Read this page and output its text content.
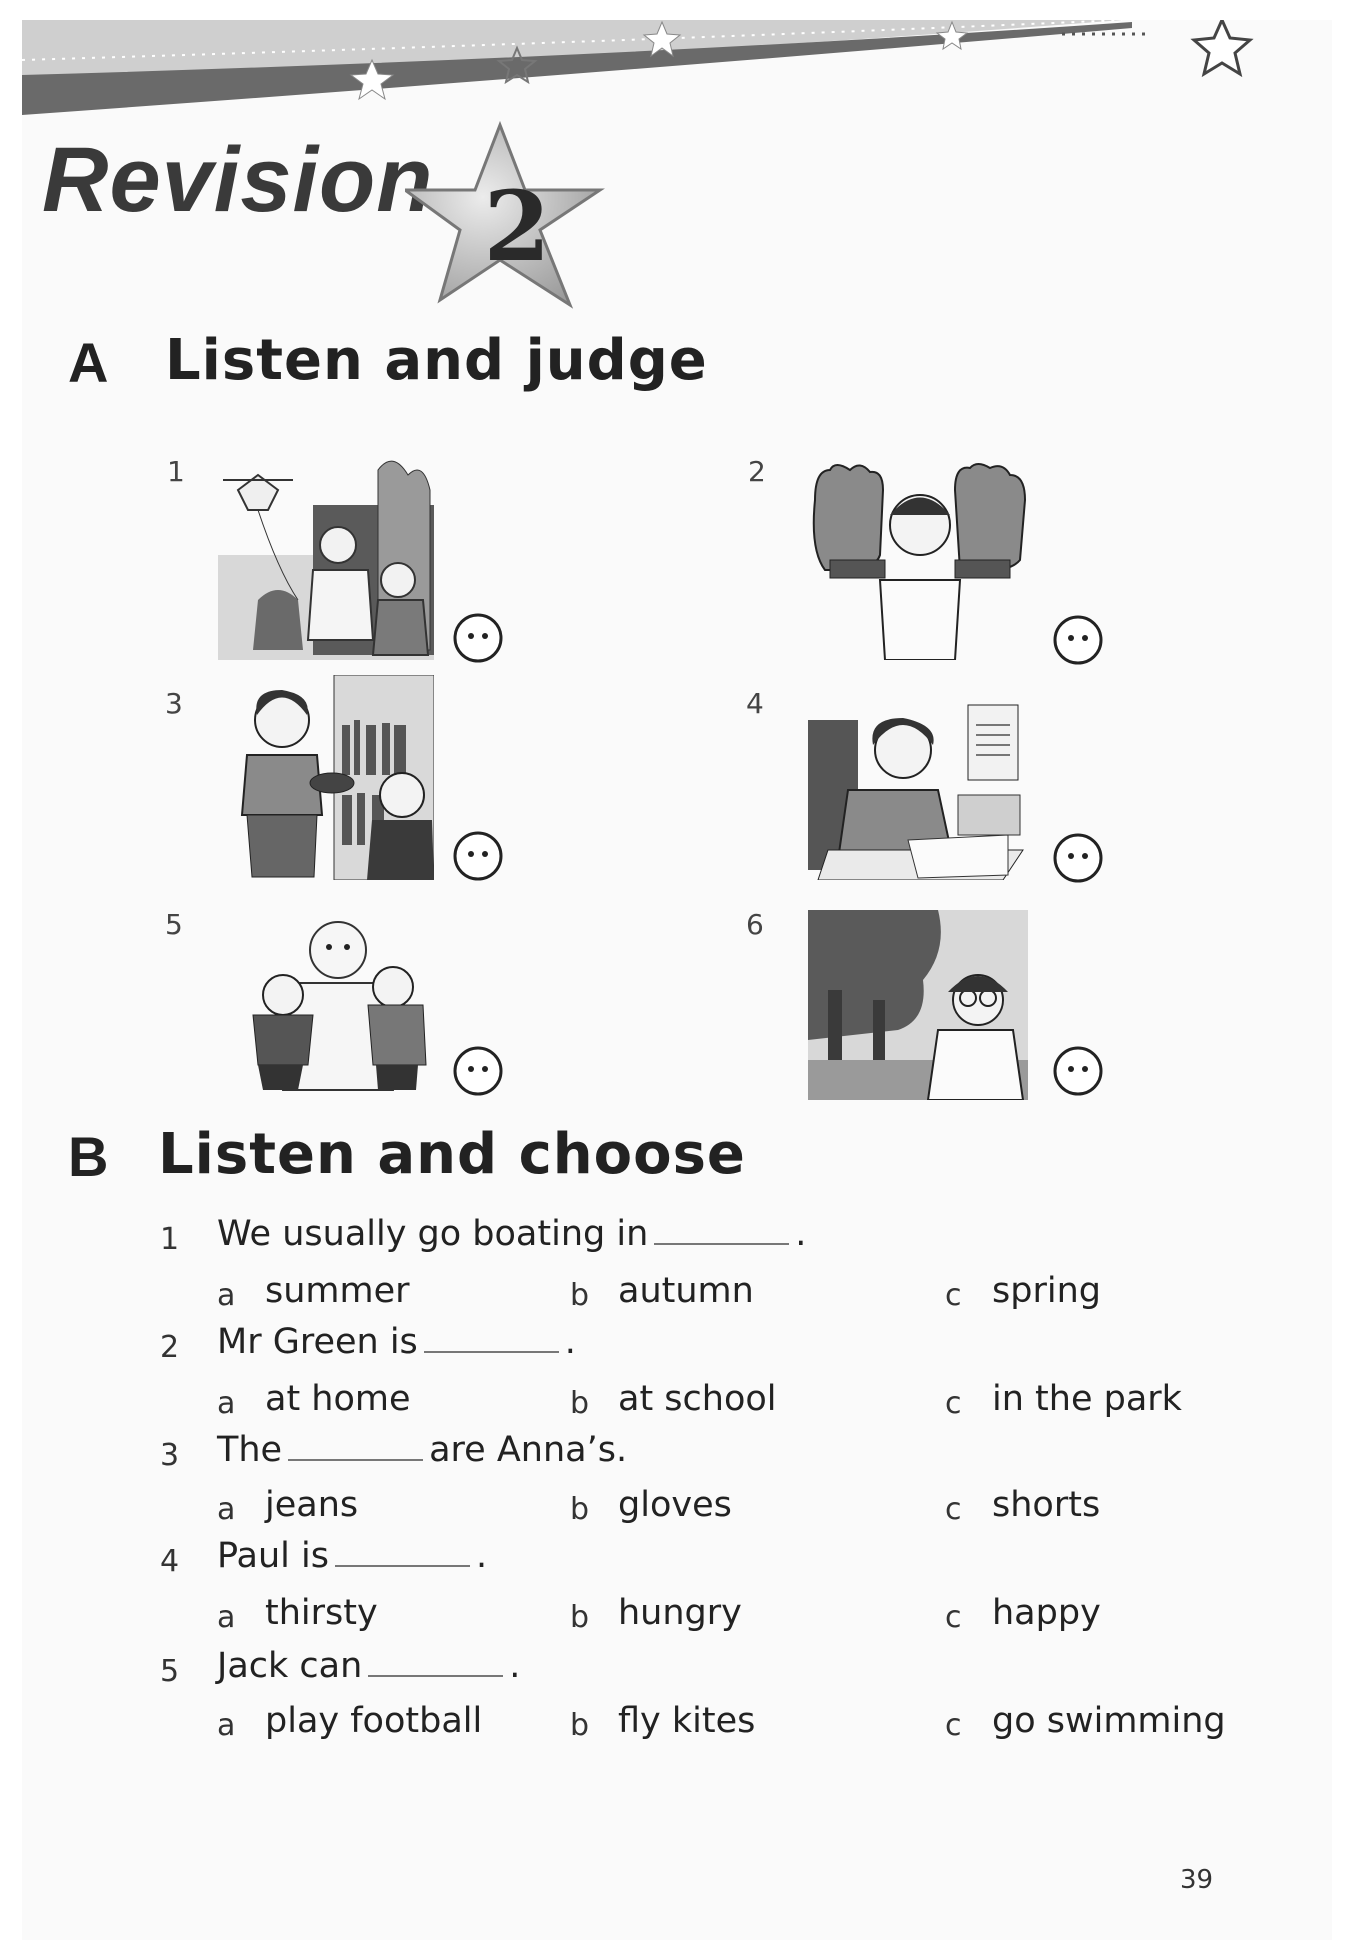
Revision 2
A Listen and judge
1	2
3	4
5	6
B Listen and choose
1 We usually go boating in	.
a summer	b autumn	c spring
2 Mr Green is	.
a at home	b at school	c in the park
3 The	are Anna’s.
a jeans	b gloves	c shorts
4 Paul is	.
a thirsty	b hungry	c happy
5 Jack can	.
a play football	b fly kites	c go swimming
39
